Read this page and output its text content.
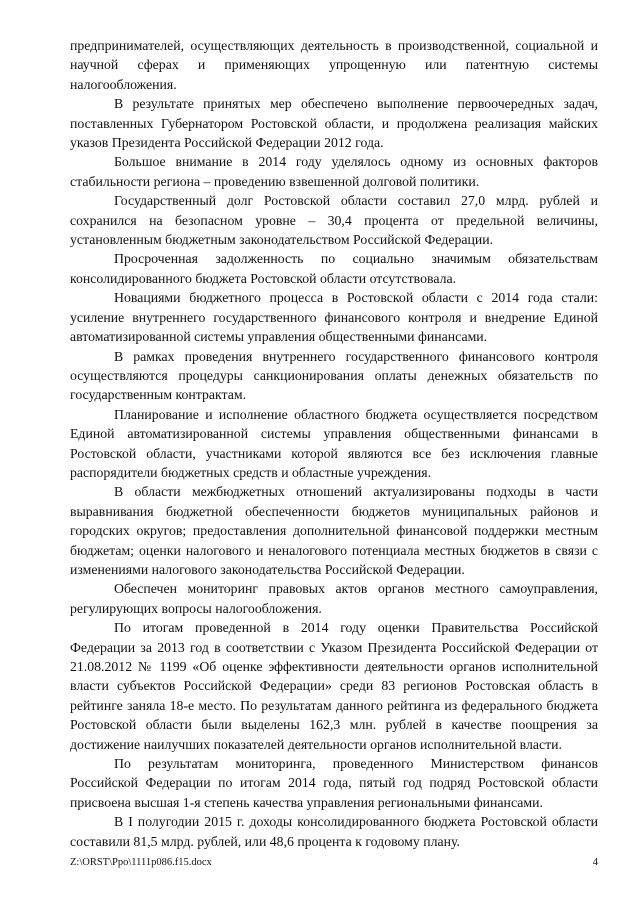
предпринимателей, осуществляющих деятельность в производственной, социальной и научной сферах и применяющих упрощенную или патентную системы налогообложения.

В результате принятых мер обеспечено выполнение первоочередных задач, поставленных Губернатором Ростовской области, и продолжена реализация майских указов Президента Российской Федерации 2012 года.

Большое внимание в 2014 году уделялось одному из основных факторов стабильности региона – проведению взвешенной долговой политики.

Государственный долг Ростовской области составил 27,0 млрд. рублей и сохранился на безопасном уровне – 30,4 процента от предельной величины, установленным бюджетным законодательством Российской Федерации.

Просроченная задолженность по социально значимым обязательствам консолидированного бюджета Ростовской области отсутствовала.

Новациями бюджетного процесса в Ростовской области с 2014 года стали: усиление внутреннего государственного финансового контроля и внедрение Единой автоматизированной системы управления общественными финансами.

В рамках проведения внутреннего государственного финансового контроля осуществляются процедуры санкционирования оплаты денежных обязательств по государственным контрактам.

Планирование и исполнение областного бюджета осуществляется посредством Единой автоматизированной системы управления общественными финансами в Ростовской области, участниками которой являются все без исключения главные распорядители бюджетных средств и областные учреждения.

В области межбюджетных отношений актуализированы подходы в части выравнивания бюджетной обеспеченности бюджетов муниципальных районов и городских округов; предоставления дополнительной финансовой поддержки местным бюджетам; оценки налогового и неналогового потенциала местных бюджетов в связи с изменениями налогового законодательства Российской Федерации.

Обеспечен мониторинг правовых актов органов местного самоуправления, регулирующих вопросы налогообложения.

По итогам проведенной в 2014 году оценки Правительства Российской Федерации за 2013 год в соответствии с Указом Президента Российской Федерации от 21.08.2012 № 1199 «Об оценке эффективности деятельности органов исполнительной власти субъектов Российской Федерации» среди 83 регионов Ростовская область в рейтинге заняла 18-е место. По результатам данного рейтинга из федерального бюджета Ростовской области были выделены 162,3 млн. рублей в качестве поощрения за достижение наилучших показателей деятельности органов исполнительной власти.

По результатам мониторинга, проведенного Министерством финансов Российской Федерации по итогам 2014 года, пятый год подряд Ростовской области присвоена высшая 1-я степень качества управления региональными финансами.

В I полугодии 2015 г. доходы консолидированного бюджета Ростовской области составили 81,5 млрд. рублей, или 48,6 процента к годовому плану.

Z:\ORST\Ppo\1111p086.f15.docx	4
